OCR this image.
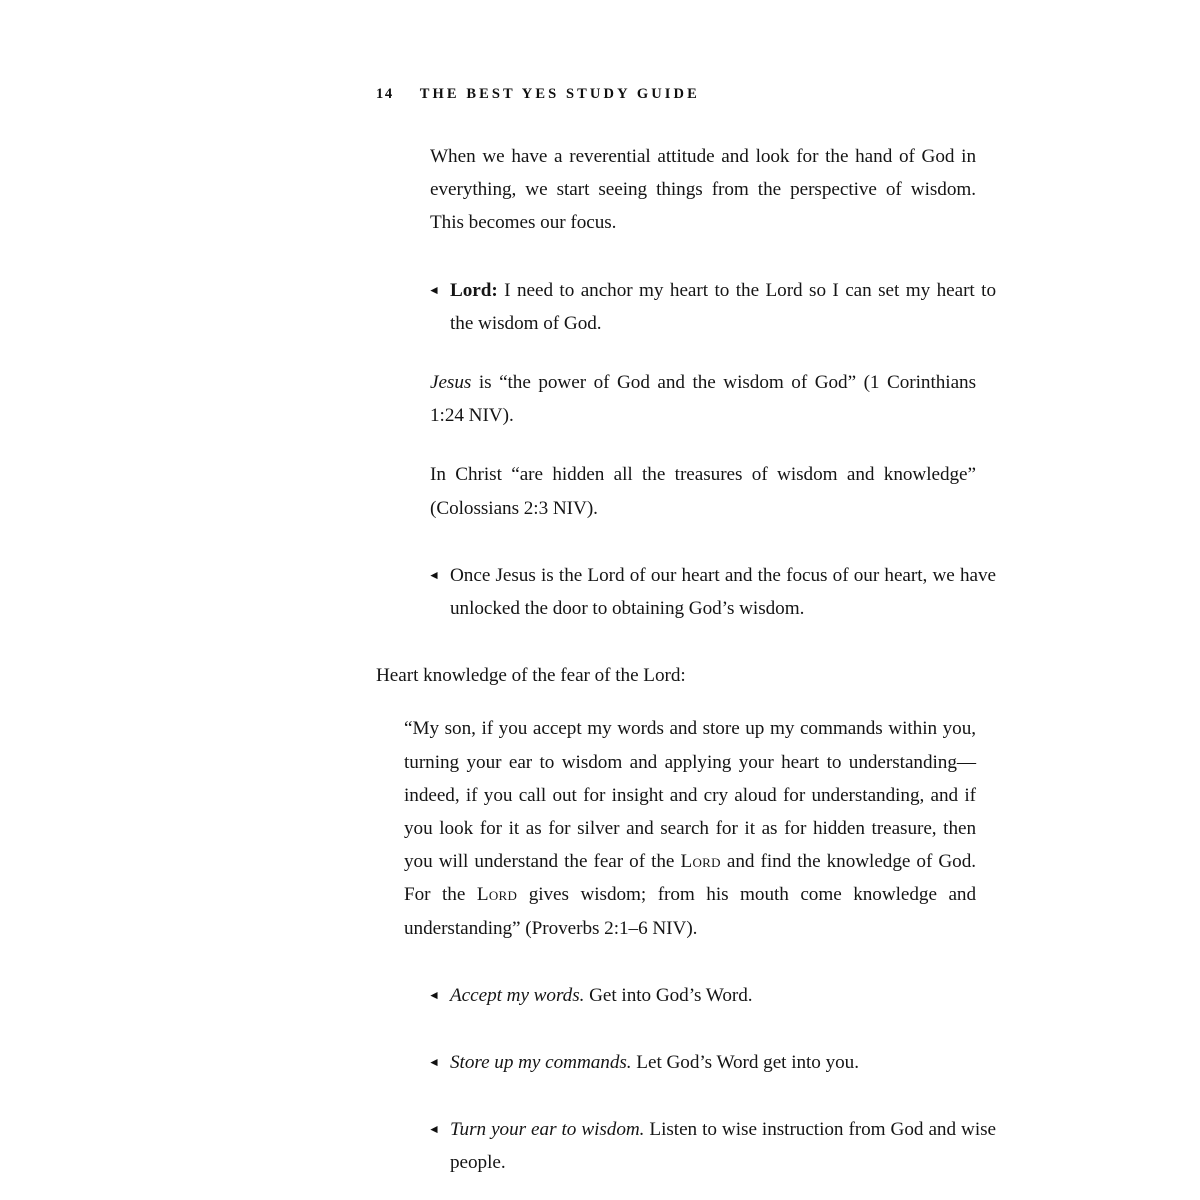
14 THE BEST YES STUDY GUIDE

When we have a reverential attitude and look for the hand of God in everything, we start seeing things from the perspective of wisdom. This becomes our focus.

◄ Lord: I need to anchor my heart to the Lord so I can set my heart to the wisdom of God.

Jesus is “the power of God and the wisdom of God” (1 Corinthians 1:24 NIV).

In Christ “are hidden all the treasures of wisdom and knowledge” (Colossians 2:3 NIV).

◄ Once Jesus is the Lord of our heart and the focus of our heart, we have unlocked the door to obtaining God’s wisdom.

Heart knowledge of the fear of the Lord:

“My son, if you accept my words and store up my commands within you, turning your ear to wisdom and applying your heart to understanding—indeed, if you call out for insight and cry aloud for understanding, and if you look for it as for silver and search for it as for hidden treasure, then you will understand the fear of the Lord and find the knowledge of God. For the Lord gives wisdom; from his mouth come knowledge and understanding” (Proverbs 2:1–6 NIV).

◄ Accept my words. Get into God’s Word.

◄ Store up my commands. Let God’s Word get into you.

◄ Turn your ear to wisdom. Listen to wise instruction from God and wise people.
